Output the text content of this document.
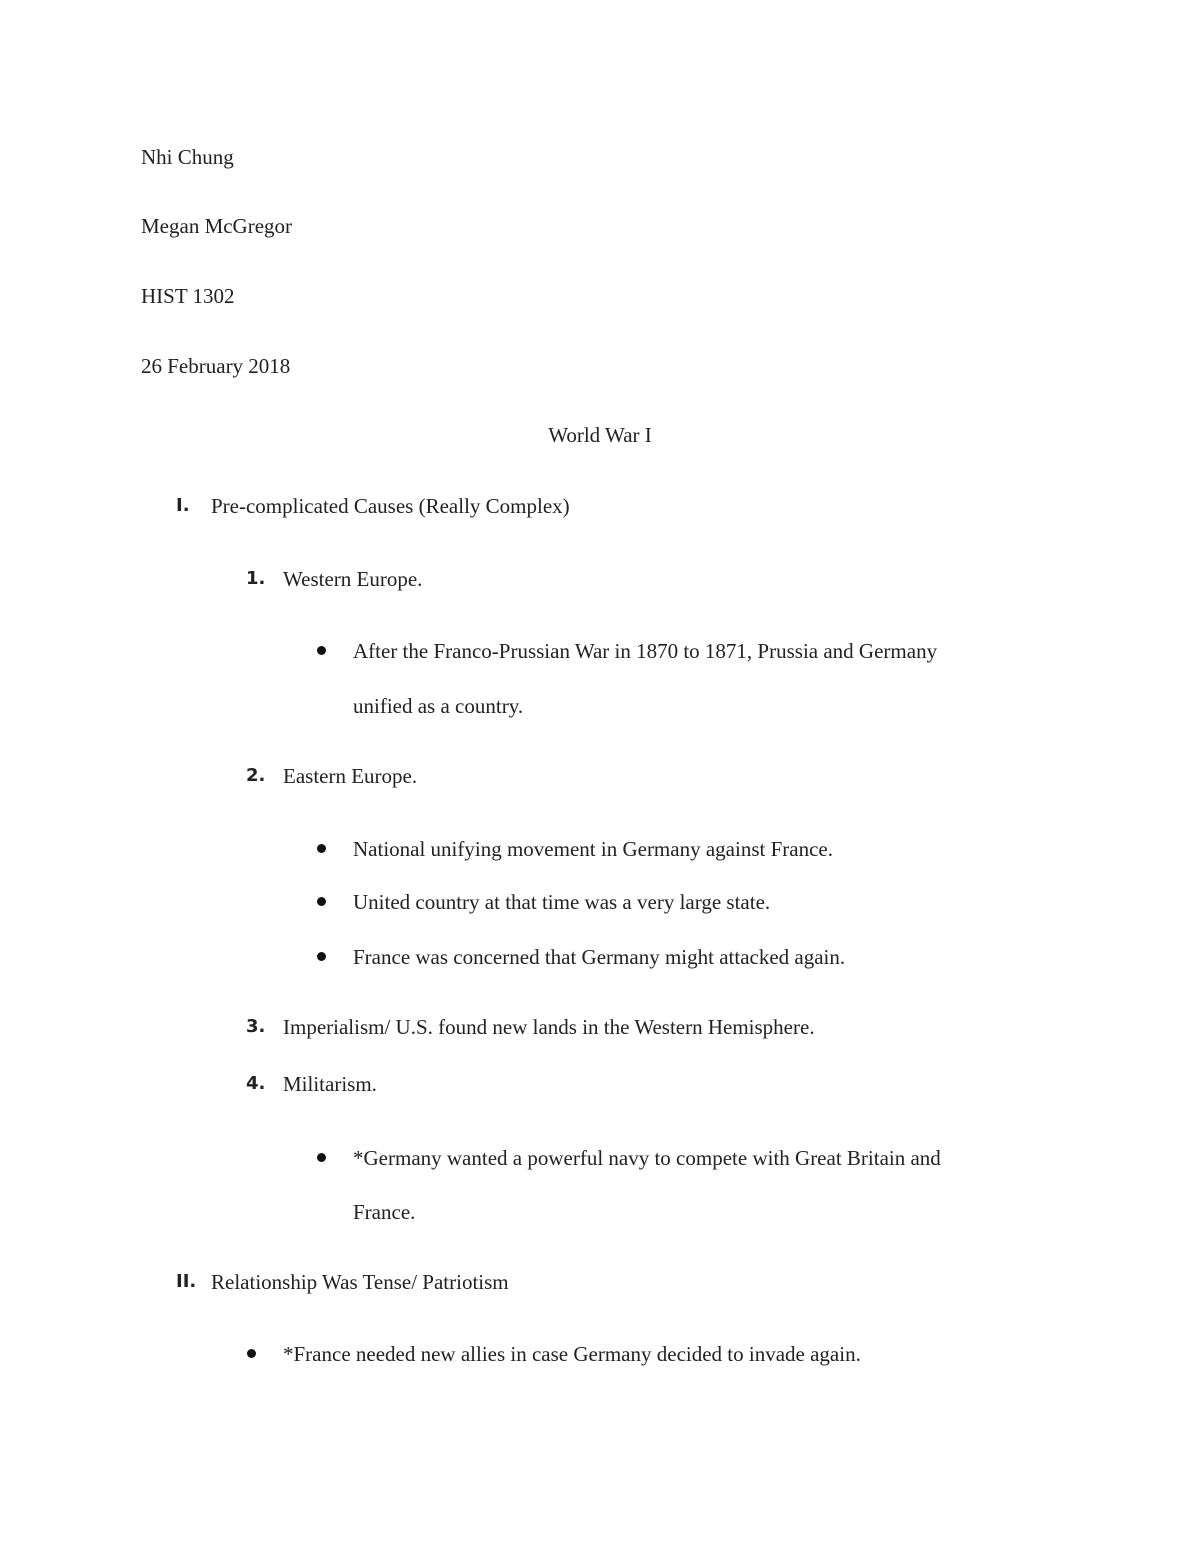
Nhi Chung
Megan McGregor
HIST 1302
26 February 2018
World War I
I. Pre-complicated Causes (Really Complex)
1. Western Europe.
After the Franco-Prussian War in 1870 to 1871, Prussia and Germany
unified as a country.
2. Eastern Europe.
National unifying movement in Germany against France.
United country at that time was a very large state.
France was concerned that Germany might attacked again.
3. Imperialism/ U.S. found new lands in the Western Hemisphere.
4. Militarism.
*Germany wanted a powerful navy to compete with Great Britain and
France.
II. Relationship Was Tense/ Patriotism
*France needed new allies in case Germany decided to invade again.
